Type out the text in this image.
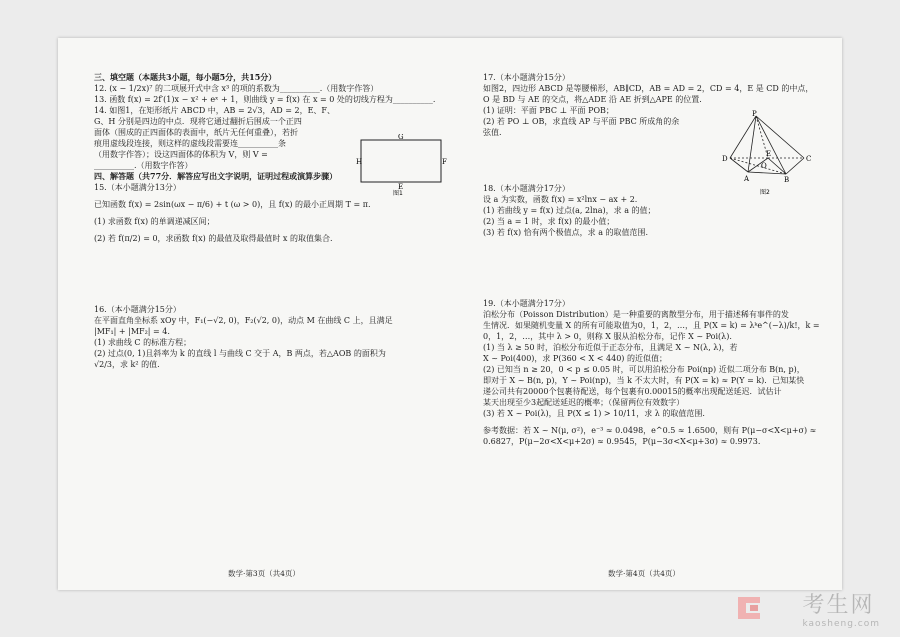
三、填空题（本题共3小题，每小题5分，共15分）
12. (x − 1/2x)⁷ 的二项展开式中含 x³ 的项的系数为__________.（用数字作答）
13. 函数 f(x) = 2f′(1)x − x² + eˣ + 1，则曲线 y = f(x) 在 x = 0 处的切线方程为__________.
14. 如图1，在矩形纸片 ABCD 中，AB = 2√3，AD = 2，E、F、
G、H 分别是四边的中点．现将它通过翻折后围成一个正四
面体（围成的正四面体的表面中，纸片无任何重叠），若折
痕用虚线段连接，则这样的虚线段需要连__________条
（用数字作答）；设这四面体的体积为 V，则 V =
__________.（用数字作答）
四、解答题（共77分．解答应写出文字说明，证明过程或演算步骤）
15.（本小题满分13分）
已知函数 f(x) = 2sin(ωx − π/6) + t (ω > 0)，且 f(x) 的最小正周期 T = π.
(1) 求函数 f(x) 的单调递减区间；
(2) 若 f(π/2) = 0，求函数 f(x) 的最值及取得最值时 x 的取值集合.
16.（本小题满分15分）
在平面直角坐标系 xOy 中，F₁(−√2, 0)，F₂(√2, 0)，动点 M 在曲线 C 上，且满足
|MF₁| + |MF₂| = 4.
(1) 求曲线 C 的标准方程；
(2) 过点(0, 1)且斜率为 k 的直线 l 与曲线 C 交于 A，B 两点，若△AOB 的面积为
√2/3，求 k² 的值.
17.（本小题满分15分）
如图2，四边形 ABCD 是等腰梯形，AB∥CD，AB = AD = 2，CD = 4，E 是 CD 的中点，
O 是 BD 与 AE 的交点，将△ADE 沿 AE 折到△APE 的位置.
(1) 证明：平面 PBC ⊥ 平面 POB；
(2) 若 PO ⊥ OB，求直线 AP 与平面 PBC 所成角的余
弦值.
18.（本小题满分17分）
设 a 为实数，函数 f(x) = x²lnx − ax + 2.
(1) 若曲线 y = f(x) 过点(a, 2lna)，求 a 的值；
(2) 当 a = 1 时，求 f(x) 的最小值；
(3) 若 f(x) 恰有两个极值点，求 a 的取值范围.
19.（本小题满分17分）
泊松分布（Poisson Distribution）是一种重要的离散型分布，用于描述稀有事件的发
生情况．如果随机变量 X 的所有可能取值为0，1，2，…，且 P(X = k) = λᵏe^(−λ)/k!，k =
0，1，2，…，其中 λ > 0，则称 X 服从泊松分布，记作 X ~ Poi(λ).
(1) 当 λ ≥ 50 时，泊松分布近似于正态分布，且满足 X ~ N(λ, λ)，若
X ~ Poi(400)，求 P(360 < X < 440) 的近似值；
(2) 已知当 n ≥ 20，0 < p ≤ 0.05 时，可以用泊松分布 Poi(np) 近似二项分布 B(n, p)，
即对于 X ~ B(n, p)，Y ~ Poi(np)，当 k 不太大时，有 P(X = k) ≈ P(Y = k)．已知某快
递公司共有20000个包裹待配送，每个包裹有0.00015的概率出现配送延迟．试估计
某天出现至少3起配送延迟的概率；（保留两位有效数字）
(3) 若 X ~ Poi(λ)，且 P(X ≤ 1) > 10/11，求 λ 的取值范围.
参考数据：若 X ~ N(μ, σ²)，e⁻³ ≈ 0.0498，e^0.5 ≈ 1.6500，则有 P(μ−σ<X<μ+σ) ≈
0.6827，P(μ−2σ<X<μ+2σ) ≈ 0.9545，P(μ−3σ<X<μ+3σ) ≈ 0.9973.
G
H	F
E
图1
P
D
E
O
C
A	B
图2
数学·第3页（共4页）	数学·第4页（共4页）
考生网
kaosheng.com
